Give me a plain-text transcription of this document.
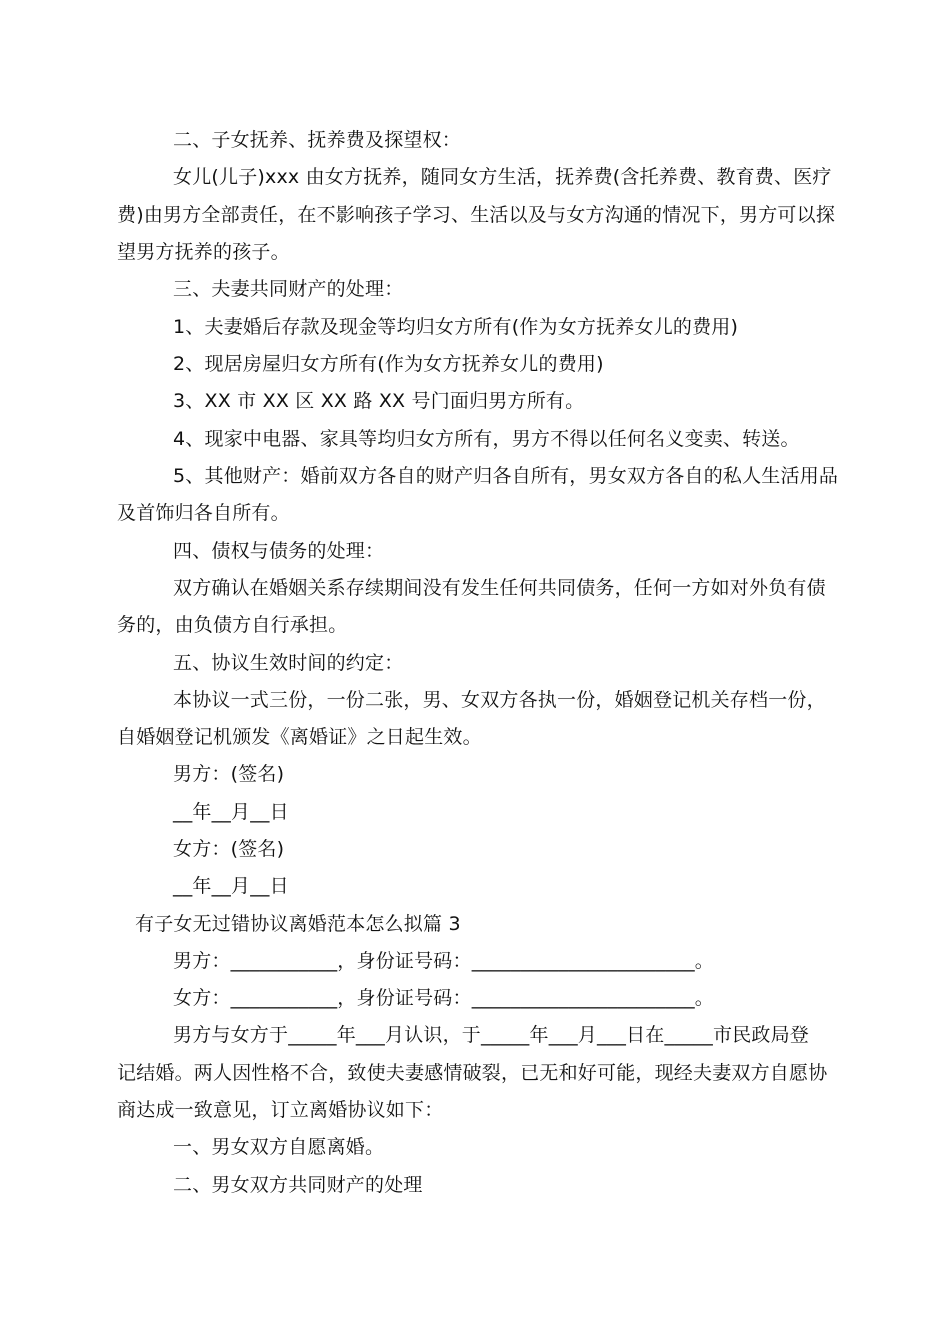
二、子女抚养、抚养费及探望权：
女儿(儿子)xxx 由女方抚养，随同女方生活，抚养费(含托养费、教育费、医疗
费)由男方全部责任，在不影响孩子学习、生活以及与女方沟通的情况下，男方可以探
望男方抚养的孩子。
三、夫妻共同财产的处理：
1、夫妻婚后存款及现金等均归女方所有(作为女方抚养女儿的费用)
2、现居房屋归女方所有(作为女方抚养女儿的费用)
3、XX 市 XX 区 XX 路 XX 号门面归男方所有。
4、现家中电器、家具等均归女方所有，男方不得以任何名义变卖、转送。
5、其他财产：婚前双方各自的财产归各自所有，男女双方各自的私人生活用品
及首饰归各自所有。
四、债权与债务的处理：
双方确认在婚姻关系存续期间没有发生任何共同债务，任何一方如对外负有债
务的，由负债方自行承担。
五、协议生效时间的约定：
本协议一式三份，一份二张，男、女双方各执一份，婚姻登记机关存档一份，
自婚姻登记机颁发《离婚证》之日起生效。
男方：(签名)
__年__月__日
女方：(签名)
__年__月__日
有子女无过错协议离婚范本怎么拟篇 3
男方：___________，身份证号码：_______________________。
女方：___________，身份证号码：_______________________。
男方与女方于_____年___月认识，于_____年___月___日在_____市民政局登
记结婚。两人因性格不合，致使夫妻感情破裂，已无和好可能，现经夫妻双方自愿协
商达成一致意见，订立离婚协议如下：
一、男女双方自愿离婚。
二、男女双方共同财产的处理
